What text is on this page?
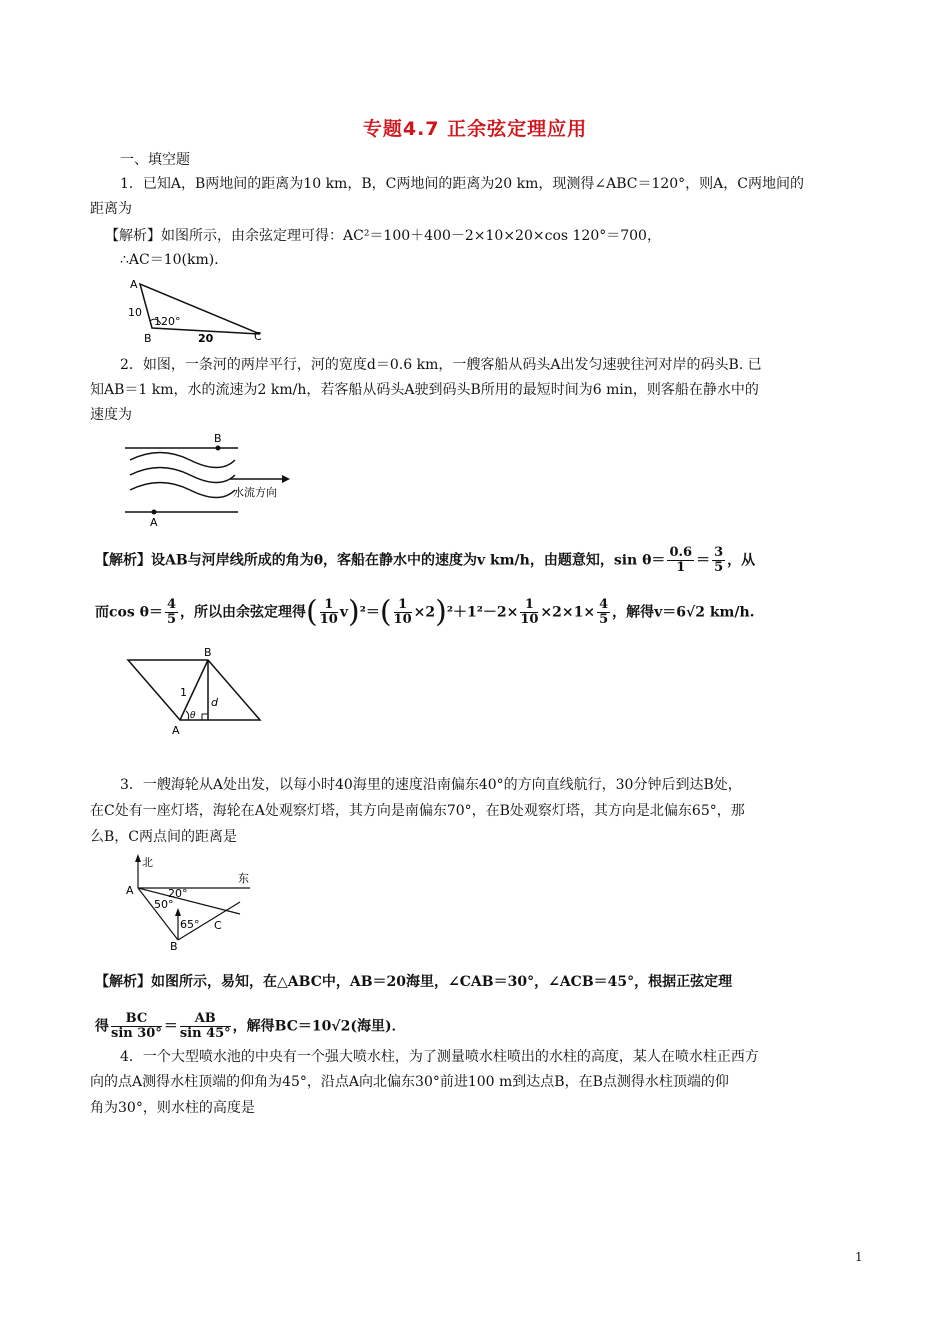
专题4.7 正余弦定理应用
一、填空题
1．已知A，B两地间的距离为10 km，B，C两地间的距离为20 km，现测得∠ABC＝120°，则A，C两地间的
距离为
【解析】如图所示，由余弦定理可得：AC²＝100＋400－2×10×20×cos 120°＝700，
∴AC＝10(km)．
A
B	C
10
20
120°
2．如图，一条河的两岸平行，河的宽度d＝0.6 km，一艘客船从码头A出发匀速驶往河对岸的码头B. 已
知AB＝1 km，水的流速为2 km/h，若客船从码头A驶到码头B所用的最短时间为6 min，则客船在静水中的
速度为
B
水流方向
A
【解析】设AB与河岸线所成的角为θ，客船在静水中的速度为v km/h，由题意知，$\sin \theta= \frac{0.6}{1} = \frac{3}{5}$ ，从
而$\cos \theta= \frac{4}{5}$ ，所以由余弦定理得( $\frac{1}{10} v)^2=( \frac{1}{10} \times 2)^2+1^2-2\times \frac{1}{10} \times 2\times 1\times \frac{4}{5}$ ，解得v＝6√2 km/h.
B
A
1
d
θ
3．一艘海轮从A处出发，以每小时40海里的速度沿南偏东40°的方向直线航行，30分钟后到达B处，
在C处有一座灯塔，海轮在A处观察灯塔，其方向是南偏东70°，在B处观察灯塔，其方向是北偏东65°，那
么B，C两点间的距离是
北
东
A	20°
50°
65° C
B
【解析】如图所示，易知，在△ABC中，AB＝20海里，∠CAB＝30°，∠ACB＝45°，根据正弦定理
得 $\frac{BC}{\sin 30^\circ} = \frac{AB}{\sin 45^\circ}$ ，解得BC＝10√2(海里)．
4．一个大型喷水池的中央有一个强大喷水柱，为了测量喷水柱喷出的水柱的高度，某人在喷水柱正西方
向的点A测得水柱顶端的仰角为45°，沿点A向北偏东30°前进100 m到达点B，在B点测得水柱顶端的仰
角为30°，则水柱的高度是
1
